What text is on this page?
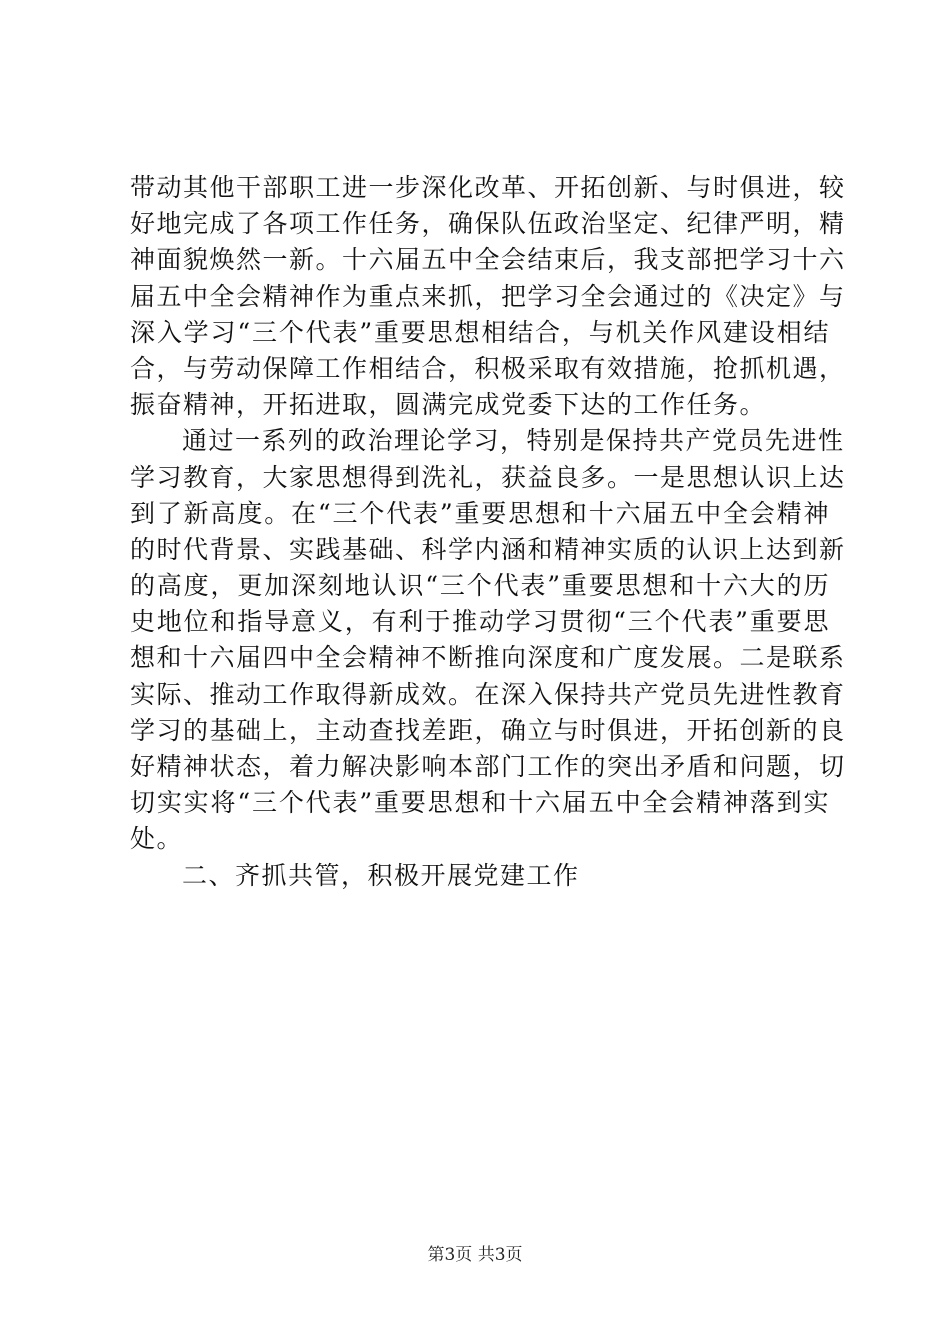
带动其他干部职工进一步深化改革、开拓创新、与时俱进，较
好地完成了各项工作任务，确保队伍政治坚定、纪律严明，精
神面貌焕然一新。十六届五中全会结束后，我支部把学习十六
届五中全会精神作为重点来抓，把学习全会通过的《决定》与
深入学习“三个代表”重要思想相结合，与机关作风建设相结
合，与劳动保障工作相结合，积极采取有效措施，抢抓机遇，
振奋精神，开拓进取，圆满完成党委下达的工作任务。
通过一系列的政治理论学习，特别是保持共产党员先进性
学习教育，大家思想得到洗礼，获益良多。一是思想认识上达
到了新高度。在“三个代表”重要思想和十六届五中全会精神
的时代背景、实践基础、科学内涵和精神实质的认识上达到新
的高度，更加深刻地认识“三个代表”重要思想和十六大的历
史地位和指导意义，有利于推动学习贯彻“三个代表”重要思
想和十六届四中全会精神不断推向深度和广度发展。二是联系
实际、推动工作取得新成效。在深入保持共产党员先进性教育
学习的基础上，主动查找差距，确立与时俱进，开拓创新的良
好精神状态，着力解决影响本部门工作的突出矛盾和问题，切
切实实将“三个代表”重要思想和十六届五中全会精神落到实
处。
二、齐抓共管，积极开展党建工作
第3页 共3页
